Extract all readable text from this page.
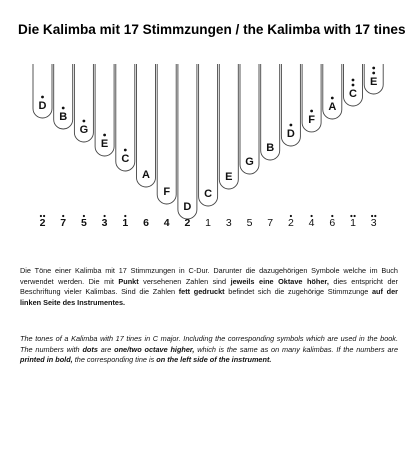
Die Kalimba mit 17 Stimmzungen / the Kalimba with 17 tines
D
2
B
7
G
5
E
3
C
1
A
6
F
4
D
2
C
1
E
3
G
5
B
7
D
2
F
4
A
6
C
1
E
3
Die Töne einer Kalimba mit 17 Stimmzungen in C-Dur. Darunter die dazugehörigen Symbole welche im Buch verwendet werden. Die mit Punkt versehenen Zahlen sind jeweils eine Oktave höher, dies entspricht der Beschriftung vieler Kalimbas. Sind die Zahlen fett gedruckt befindet sich die zugehörige Stimmzunge auf der linken Seite des Instrumentes.
The tones of a Kalimba with 17 tines in C major. Including the corresponding symbols which are used in the book. The numbers with dots are one/two octave higher, which is the same as on many kalimbas. If the numbers are printed in bold, the corresponding tine is on the left side of the instrument.
